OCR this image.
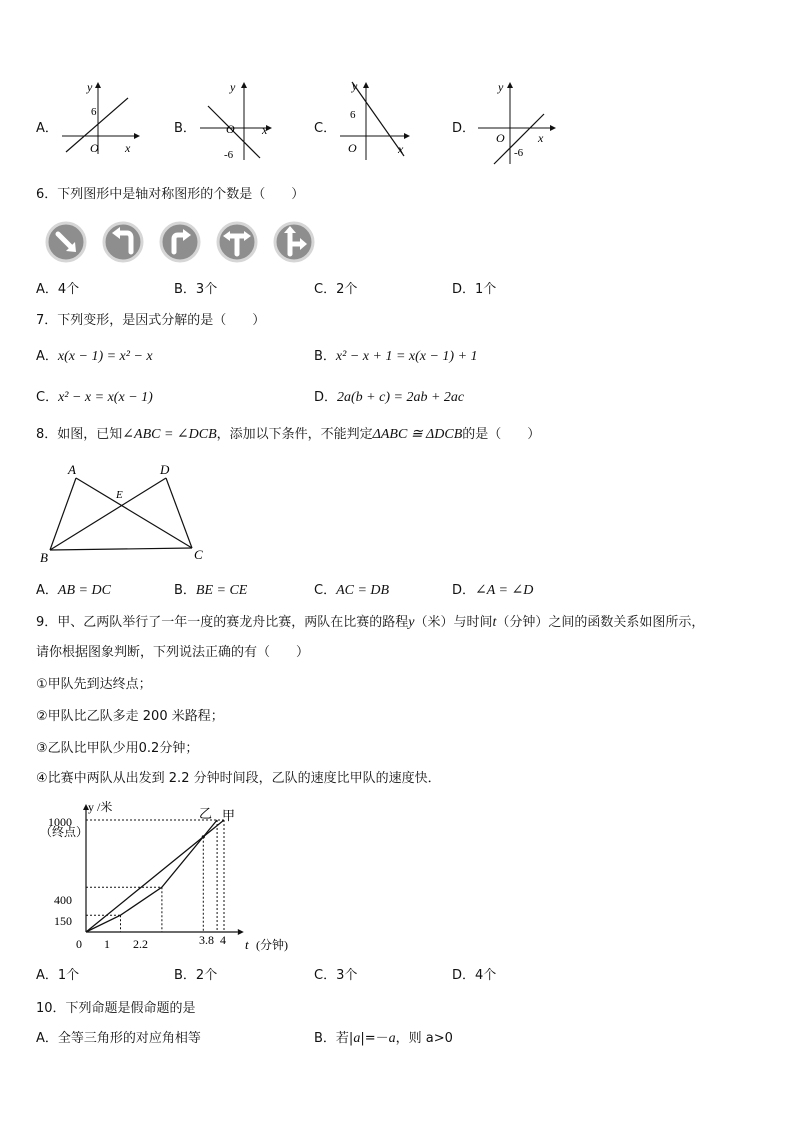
A．
y
x
O
6
B．
y
x
O
-6
C．
y
x
O
6
D．
y
x
O
-6
6．下列图形中是轴对称图形的个数是（　　）
A．4个	B．3个	C．2个	D．1个
7．下列变形，是因式分解的是（　　）
A．x(x − 1) = x² − x	B．x² − x + 1 = x(x − 1) + 1
C．x² − x = x(x − 1)	D．2a(b + c) = 2ab + 2ac
8．如图，已知∠ABC = ∠DCB，添加以下条件，不能判定ΔABC ≅ ΔDCB的是（　　）
A	D
E
B	C
A．AB = DC	B．BE = CE	C．AC = DB	D．∠A = ∠D
9．甲、乙两队举行了一年一度的赛龙舟比赛，两队在比赛的路程y（米）与时间t（分钟）之间的函数关系如图所示，
请你根据图象判断，下列说法正确的有（　　）
①甲队先到达终点；
②甲队比乙队多走 200 米路程；
③乙队比甲队少用0.2分钟；
④比赛中两队从出发到 2.2 分钟时间段，乙队的速度比甲队的速度快．
y /米
（终点）
t (分钟)
0
1000
400
150
1 2.2	3.8 4
乙 甲
A．1个	B．2个	C．3个	D．4个
10．下列命题是假命题的是
A．全等三角形的对应角相等	B．若|a|=－a，则 a>0
